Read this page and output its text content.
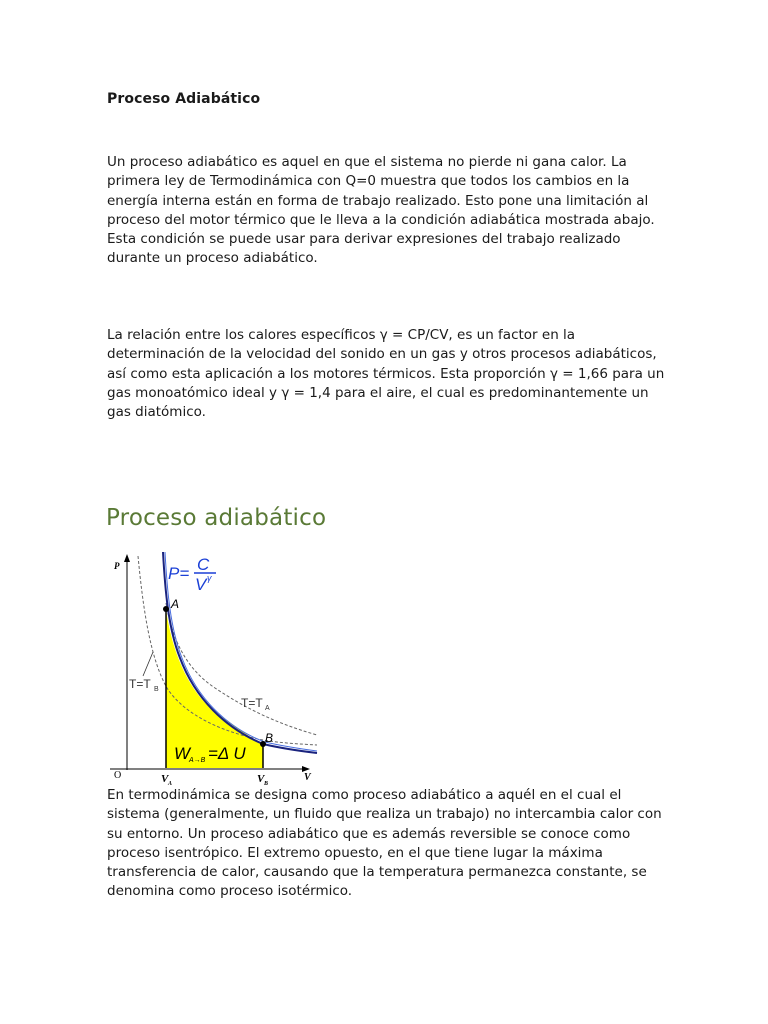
Proceso Adiabático

Un proceso adiabático es aquel en que el sistema no pierde ni gana calor. La primera ley de Termodinámica con Q=0 muestra que todos los cambios en la energía interna están en forma de trabajo realizado. Esto pone una limitación al proceso del motor térmico que le lleva a la condición adiabática mostrada abajo. Esta condición se puede usar para derivar expresiones del trabajo realizado durante un proceso adiabático.

La relación entre los calores específicos γ = CP/CV, es un factor en la determinación de la velocidad del sonido en un gas y otros procesos adiabáticos, así como esta aplicación a los motores térmicos. Esta proporción γ = 1,66 para un gas monoatómico ideal y γ = 1,4 para el aire, el cual es predominantemente un gas diatómico.

Proceso adiabático
P
V
O
P= C
V γ
A
B
T=T B
T=T A
W
A→B =Δ U
V A	V B

En termodinámica se designa como proceso adiabático a aquél en el cual el sistema (generalmente, un fluido que realiza un trabajo) no intercambia calor con su entorno. Un proceso adiabático que es además reversible se conoce como proceso isentrópico. El extremo opuesto, en el que tiene lugar la máxima transferencia de calor, causando que la temperatura permanezca constante, se denomina como proceso isotérmico.
